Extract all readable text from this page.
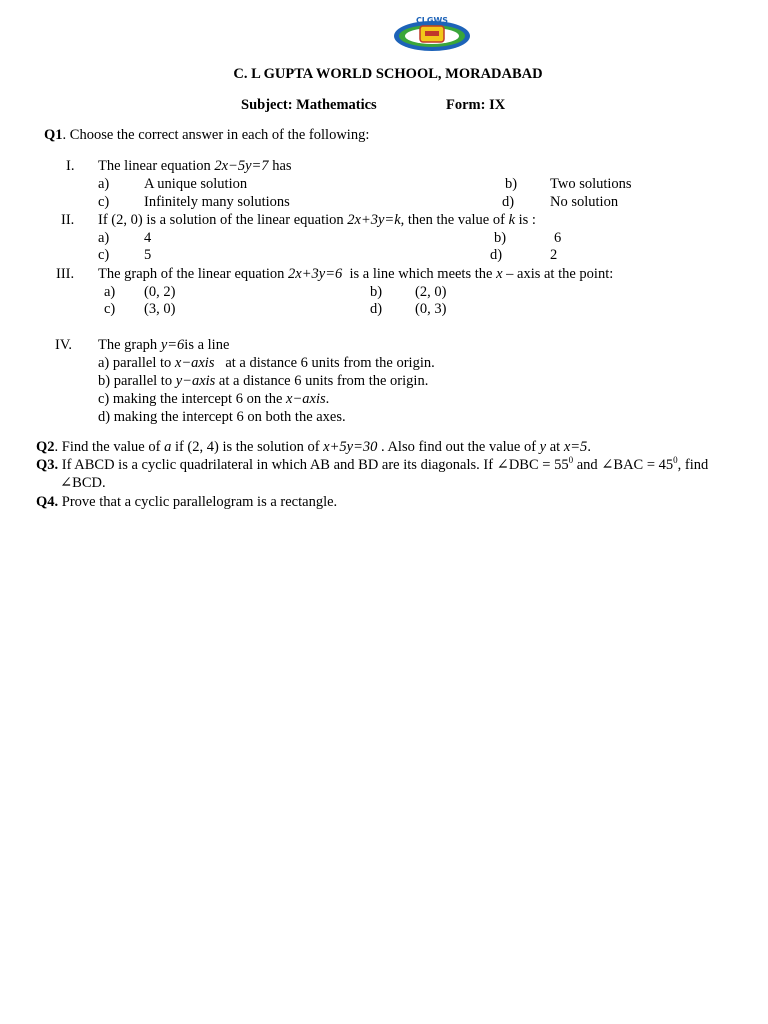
CLGWS
C. L GUPTA WORLD SCHOOL, MORADABAD
Subject: Mathematics	Form: IX
Q1. Choose the correct answer in each of the following:
I. The linear equation 2x−5y=7 has
a) A unique solution	b) Two solutions
c) Infinitely many solutions	d) No solution
II. If (2, 0) is a solution of the linear equation 2x+3y=k, then the value of k is :
a) 4	b)	6
c) 5	d)	2
III. The graph of the linear equation 2x+3y=6  is a line which meets the x – axis at the point:
a) (0, 2)	b) (2, 0)
c) (3, 0)	d) (0, 3)
IV. The graph y=6is a line
a) parallel to x−axis   at a distance 6 units from the origin.
b) parallel to y−axis at a distance 6 units from the origin.
c) making the intercept 6 on the x−axis.
d) making the intercept 6 on both the axes.
Q2. Find the value of a if (2, 4) is the solution of x+5y=30 . Also find out the value of y at x=5.
Q3. If ABCD is a cyclic quadrilateral in which AB and BD are its diagonals. If ∠DBC = $55^0$ and ∠BAC = $45^0$, find
∠BCD.
Q4. Prove that a cyclic parallelogram is a rectangle.
